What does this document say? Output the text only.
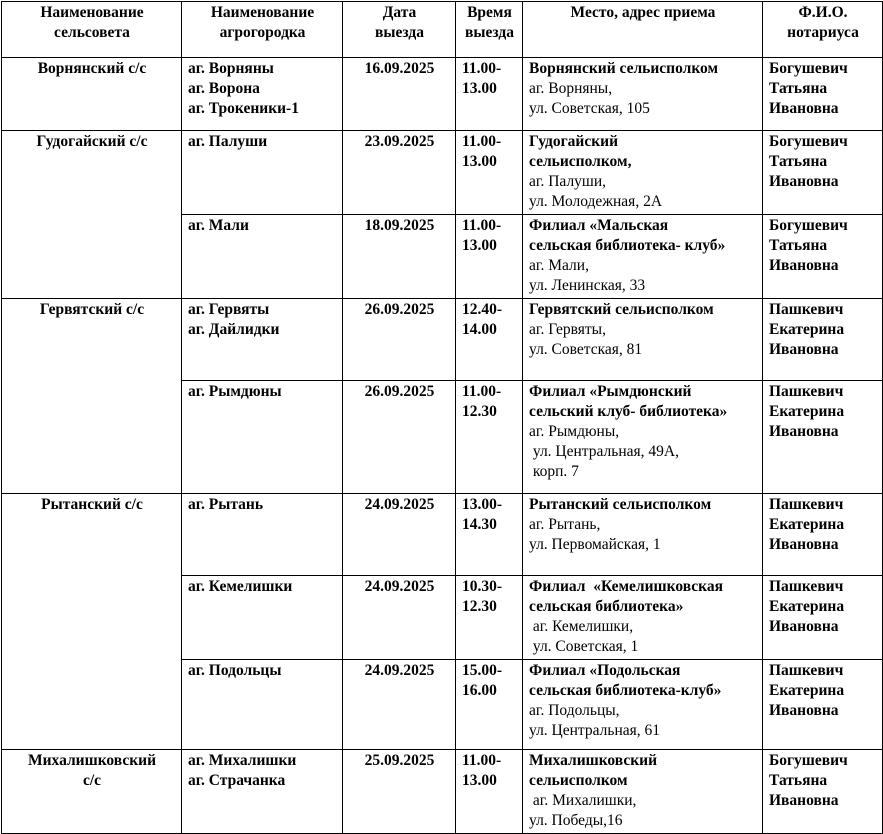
Наименование
сельсовета	Наименование
агрогородка	Дата
выезда	Время
выезда	Место, адрес приема	Ф.И.О.
нотариуса

Ворнянский с/с	аг. Ворняны
аг. Ворона
аг. Трокеники-1	16.09.2025	11.00-
13.00	Ворнянский сельисполком
аг. Ворняны,
ул. Советская, 105	Богушевич
Татьяна
Ивановна

Гудогайский с/с	аг. Палуши	23.09.2025	11.00-
13.00	Гудогайский
сельисполком,
аг. Палуши,
ул. Молодежная, 2А	Богушевич
Татьяна
Ивановна

	аг. Мали	18.09.2025	11.00-
13.00	Филиал «Мальская
сельская библиотека- клуб»
аг. Мали,
ул. Ленинская, 33	Богушевич
Татьяна
Ивановна

Гервятский с/с	аг. Гервяты
аг. Дайлидки	26.09.2025	12.40-
14.00	Гервятский сельисполком
аг. Гервяты,
ул. Советская, 81	Пашкевич
Екатерина
Ивановна

	аг. Рымдюны	26.09.2025	11.00-
12.30	Филиал «Рымдюнский
сельский клуб- библиотека»
аг. Рымдюны,
ул. Центральная, 49А,
корп. 7	Пашкевич
Екатерина
Ивановна

Рытанский с/с	аг. Рытань	24.09.2025	13.00-
14.30	Рытанский сельисполком
аг. Рытань,
ул. Первомайская, 1	Пашкевич
Екатерина
Ивановна

	аг. Кемелишки	24.09.2025	10.30-
12.30	Филиал  «Кемелишковская
сельская библиотека»
аг. Кемелишки,
ул. Советская, 1	Пашкевич
Екатерина
Ивановна

	аг. Подольцы	24.09.2025	15.00-
16.00	Филиал «Подольская
сельская библиотека-клуб»
аг. Подольцы,
ул. Центральная, 61	Пашкевич
Екатерина
Ивановна

Михалишковский
с/с	аг. Михалишки
аг. Страчанка	25.09.2025	11.00-
13.00	Михалишковский
сельисполком
аг. Михалишки,
ул. Победы,16	Богушевич
Татьяна
Ивановна
